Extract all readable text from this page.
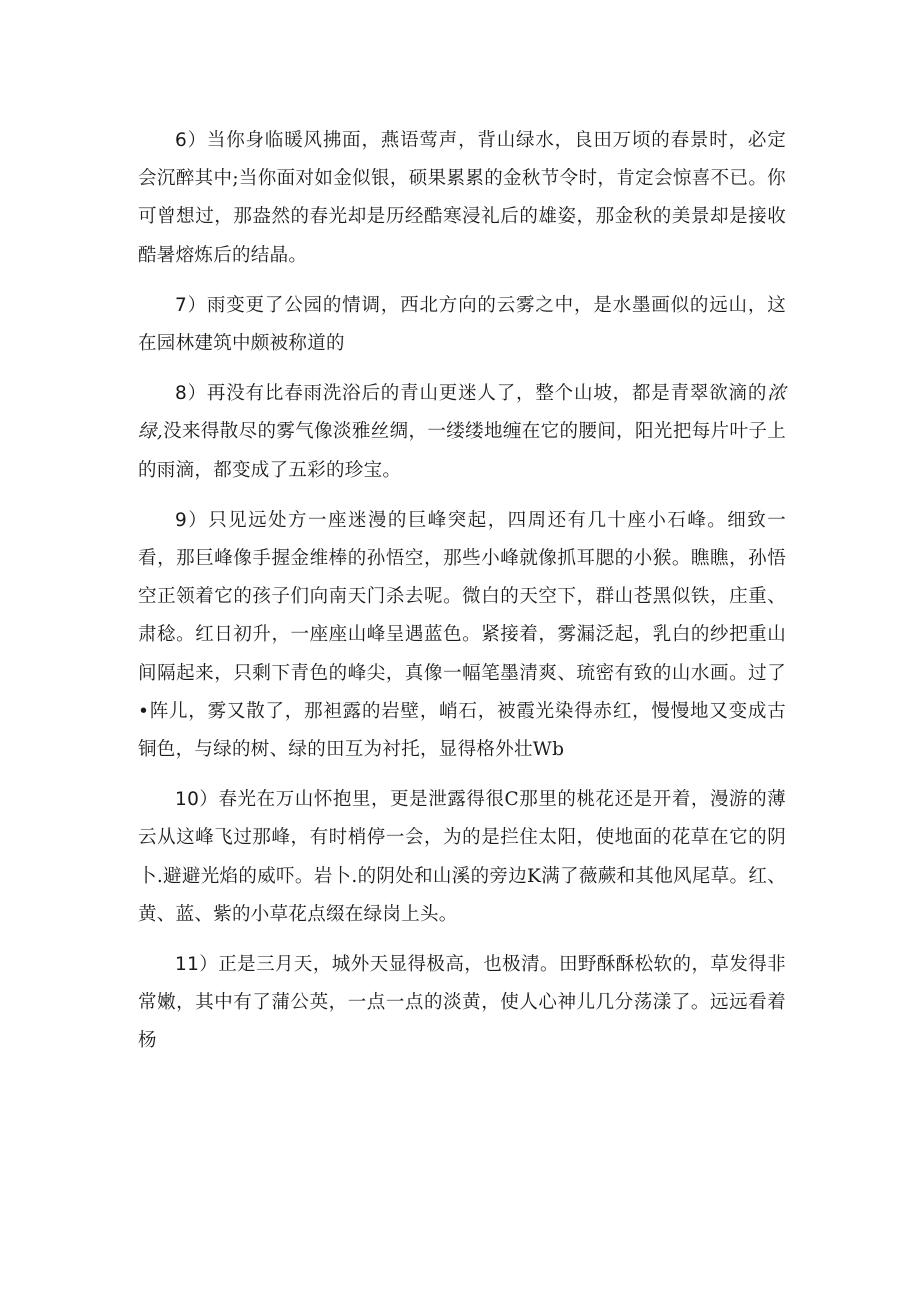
6）当你身临暖风拂面，燕语莺声，背山绿水，良田万顷的春景时，必定会沉醉其中;当你面对如金似银，硕果累累的金秋节令时，肯定会惊喜不已。你可曾想过，那盎然的春光却是历经酷寒浸礼后的雄姿，那金秋的美景却是接收酷暑熔炼后的结晶。

7）雨变更了公园的情调，西北方向的云雾之中，是水墨画似的远山，这在园林建筑中颇被称道的

8）再没有比春雨洗浴后的青山更迷人了，整个山坡，都是青翠欲滴的浓绿,没来得散尽的雾气像淡雅丝绸，一缕缕地缠在它的腰间，阳光把每片叶子上的雨滴，都变成了五彩的珍宝。

9）只见远处方一座迷漫的巨峰突起，四周还有几十座小石峰。细致一看，那巨峰像手握金维棒的孙悟空，那些小峰就像抓耳腮的小猴。瞧瞧，孙悟空正领着它的孩子们向南天门杀去呢。微白的天空下，群山苍黑似铁，庄重、肃稔。红日初升，一座座山峰呈遇蓝色。紧接着，雾漏泛起，乳白的纱把重山间隔起来，只剩下青色的峰尖，真像一幅笔墨清爽、琉密有致的山水画。过了•阵儿，雾又散了，那袒露的岩壁，峭石，被霞光染得赤红，慢慢地又变成古铜色，与绿的树、绿的田互为衬托，显得格外壮Wb

10）春光在万山怀抱里，更是泄露得很C那里的桃花还是开着，漫游的薄云从这峰飞过那峰，有时梢停一会，为的是拦住太阳，使地面的花草在它的阴卜.避避光焰的威吓。岩卜.的阴处和山溪的旁边K满了薇蕨和其他风尾草。红、黄、蓝、紫的小草花点缀在绿岗上头。

11）正是三月天，城外天显得极高，也极清。田野酥酥松软的，草发得非常嫩，其中有了蒲公英，一点一点的淡黄，使人心神儿几分荡漾了。远远看着杨
